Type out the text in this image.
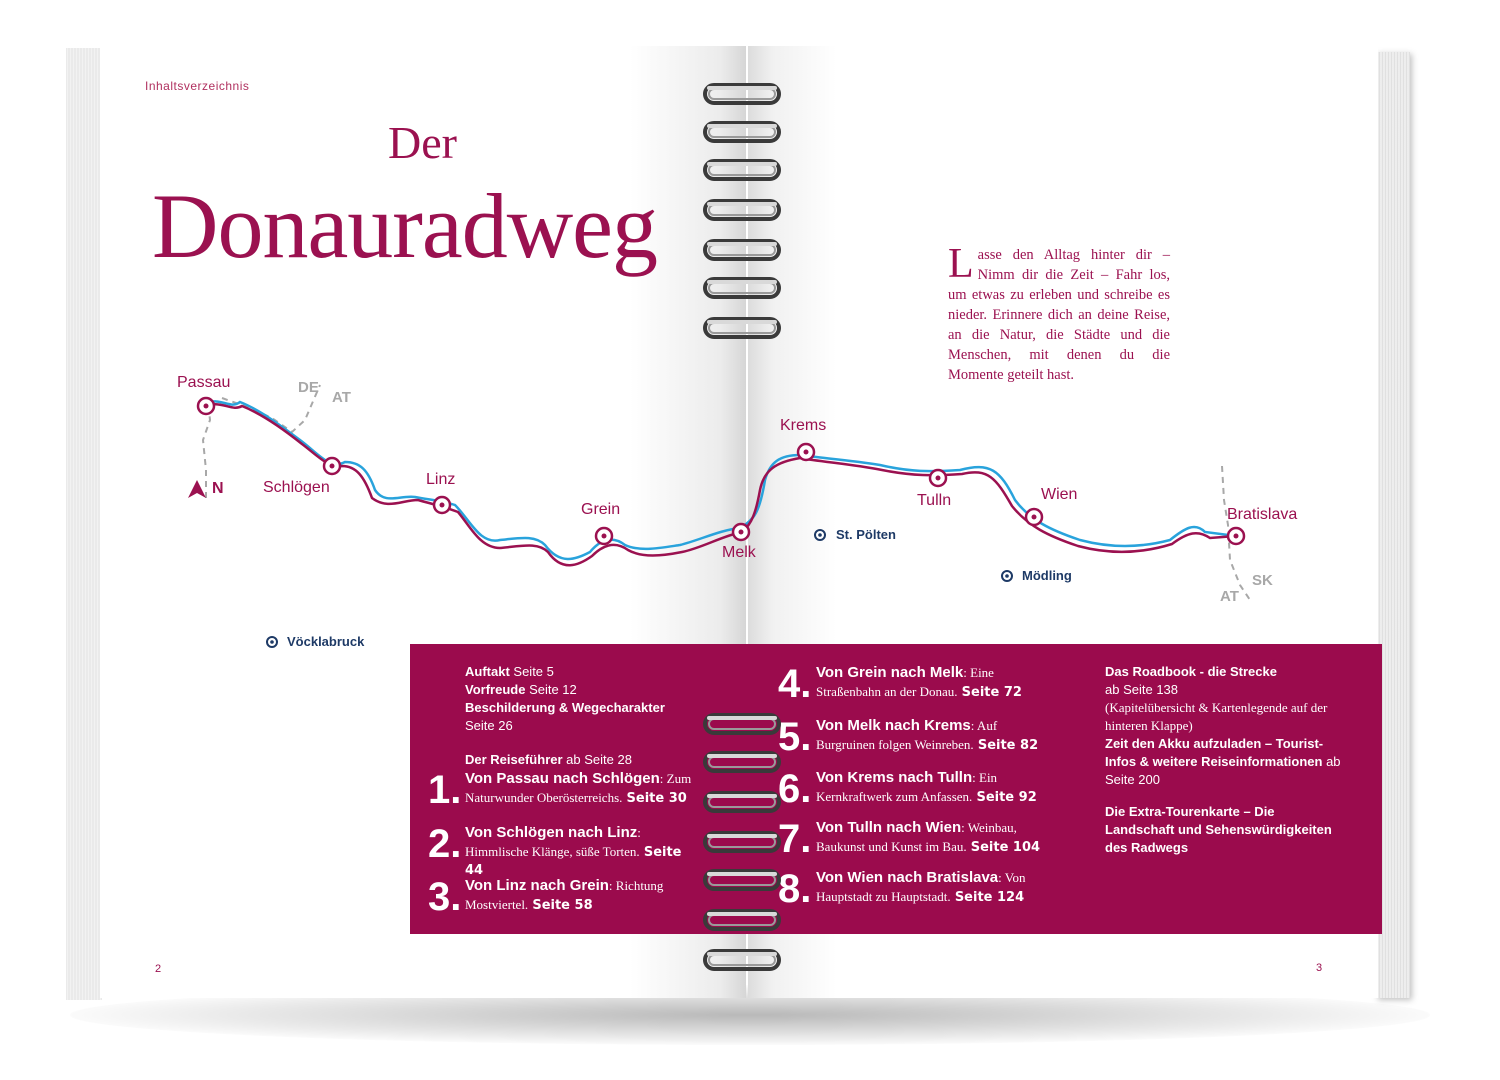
Inhaltsverzeichnis
Der
Donauradweg	Lasse den Alltag hinter dir – Nimm dir die Zeit – Fahr los, um etwas zu erleben und schreibe es nieder. Erinnere dich an deine Reise, an die Natur, die Städte und die Menschen, mit denen du die Momente geteilt hast.
Passau
Schlögen	Linz
Grein
Melk
Krems
Tulln	Wien
Bratislava
St. Pölten
Mödling
Vöcklabruck
DE
AT
AT
SK
N
Auftakt Seite 5
Vorfreude Seite 12
Beschilderung & Wegecharakter
Seite 26
Der Reiseführer ab Seite 28
1. Von Passau nach Schlögen: Zum Naturwunder Oberösterreichs. Seite 30
2. Von Schlögen nach Linz: Himmlische Klänge, süße Torten. Seite 44
3. Von Linz nach Grein: Richtung Mostviertel. Seite 58
4. Von Grein nach Melk: Eine Straßenbahn an der Donau. Seite 72
5. Von Melk nach Krems: Auf Burgruinen folgen Weinreben. Seite 82
6. Von Krems nach Tulln: Ein Kernkraftwerk zum Anfassen. Seite 92
7. Von Tulln nach Wien: Weinbau, Baukunst und Kunst im Bau. Seite 104
8. Von Wien nach Bratislava: Von Hauptstadt zu Hauptstadt. Seite 124
Das Roadbook - die Strecke
ab Seite 138
(Kapitelübersicht & Kartenlegende auf der hinteren Klappe)
Zeit den Akku aufzuladen – Tourist-Infos & weitere Reiseinformationen ab Seite 200
Die Extra-Tourenkarte – Die Landschaft und Sehenswürdigkeiten des Radwegs
2	3
